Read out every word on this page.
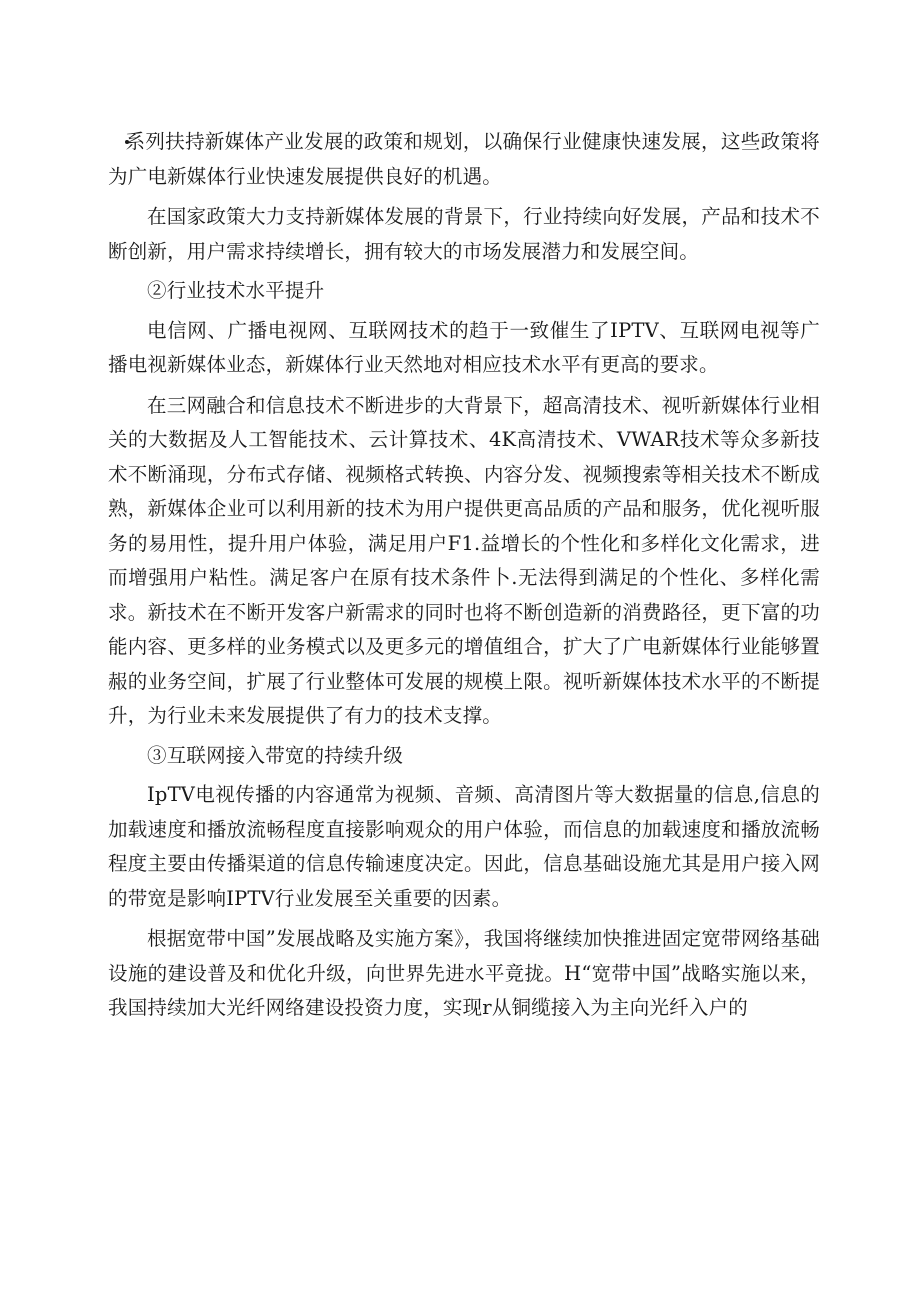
系列扶持新媒体产业发展的政策和规划，以确保行业健康快速发展，这些政策将为广电新媒体行业快速发展提供良好的机遇。

在国家政策大力支持新媒体发展的背景下，行业持续向好发展，产品和技术不断创新，用户需求持续增长，拥有较大的市场发展潜力和发展空间。

②行业技术水平提升

电信网、广播电视网、互联网技术的趋于一致催生了IPTV、互联网电视等广播电视新媒体业态，新媒体行业天然地对相应技术水平有更高的要求。

在三网融合和信息技术不断进步的大背景下，超高清技术、视听新媒体行业相关的大数据及人工智能技术、云计算技术、4K高清技术、VWAR技术等众多新技术不断涌现，分布式存储、视频格式转换、内容分发、视频搜索等相关技术不断成熟，新媒体企业可以利用新的技术为用户提供更高品质的产品和服务，优化视听服务的易用性，提升用户体验，满足用户F1.益增长的个性化和多样化文化需求，进而增强用户粘性。满足客户在原有技术条件卜.无法得到满足的个性化、多样化需求。新技术在不断开发客户新需求的同时也将不断创造新的消费路径，更下富的功能内容、更多样的业务模式以及更多元的增值组合，扩大了广电新媒体行业能够置赧的业务空间，扩展了行业整体可发展的规模上限。视听新媒体技术水平的不断提升，为行业未来发展提供了有力的技术支撑。

③互联网接入带宽的持续升级

IpTV电视传播的内容通常为视频、音频、高清图片等大数据量的信息,信息的加载速度和播放流畅程度直接影响观众的用户体验，而信息的加载速度和播放流畅程度主要由传播渠道的信息传输速度决定。因此，信息基础设施尤其是用户接入网的带宽是影响IPTV行业发展至关重要的因素。

根据宽带中国”发展战略及实施方案》，我国将继续加快推进固定宽带网络基础设施的建设普及和优化升级，向世界先进水平竟拢。H“宽带中国”战略实施以来，我国持续加大光纤网络建设投资力度，实现r从铜缆接入为主向光纤入户的
